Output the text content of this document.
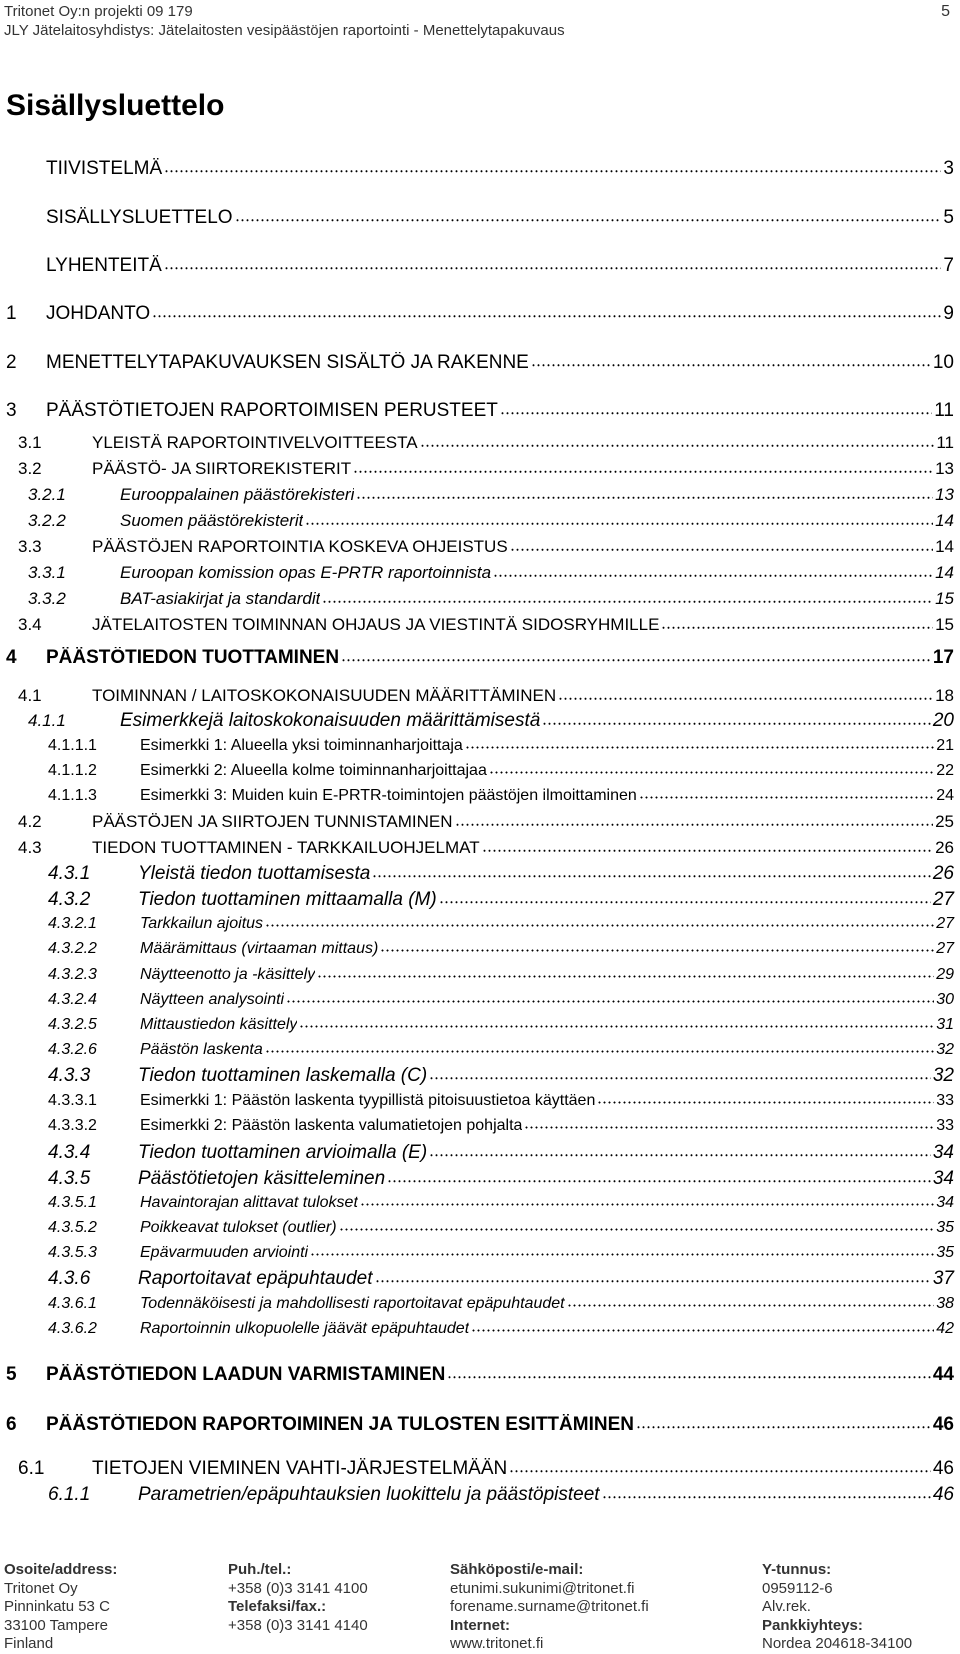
Tritonet Oy:n projekti 09 179
JLY Jätelaitosyhdistys: Jätelaitosten vesipäästöjen raportointi - Menettelytapakuvaus
5
Sisällysluettelo
TIIVISTELMÄ	3
SISÄLLYSLUETTELO	5
LYHENTEITÄ	7
1	JOHDANTO	9
2	MENETTELYTAPAKUVAUKSEN SISÄLTÖ JA RAKENNE	10
3	PÄÄSTÖTIETOJEN RAPORTOIMISEN PERUSTEET	11
3.1	YLEISTÄ RAPORTOINTIVELVOITTEESTA	11
3.2	PÄÄSTÖ- JA SIIRTOREKISTERIT	13
3.2.1	Eurooppalainen päästörekisteri	13
3.2.2	Suomen päästörekisterit	14
3.3	PÄÄSTÖJEN RAPORTOINTIA KOSKEVA OHJEISTUS	14
3.3.1	Euroopan komission opas E-PRTR raportoinnista	14
3.3.2	BAT-asiakirjat ja standardit	15
3.4	JÄTELAITOSTEN TOIMINNAN OHJAUS JA VIESTINTÄ SIDOSRYHMILLE	15
4	PÄÄSTÖTIEDON TUOTTAMINEN	17
4.1	TOIMINNAN / LAITOSKOKONAISUUDEN MÄÄRITTÄMINEN	18
4.1.1	Esimerkkejä laitoskokonaisuuden määrittämisestä	20
4.1.1.1	Esimerkki 1: Alueella yksi toiminnanharjoittaja	21
4.1.1.2	Esimerkki 2: Alueella kolme toiminnanharjoittajaa	22
4.1.1.3	Esimerkki 3: Muiden kuin E-PRTR-toimintojen päästöjen ilmoittaminen	24
4.2	PÄÄSTÖJEN JA SIIRTOJEN TUNNISTAMINEN	25
4.3	TIEDON TUOTTAMINEN - TARKKAILUOHJELMAT	26
4.3.1	Yleistä tiedon tuottamisesta	26
4.3.2	Tiedon tuottaminen mittaamalla (M)	27
4.3.2.1	Tarkkailun ajoitus	27
4.3.2.2	Määrämittaus (virtaaman mittaus)	27
4.3.2.3	Näytteenotto ja -käsittely	29
4.3.2.4	Näytteen analysointi	30
4.3.2.5	Mittaustiedon käsittely	31
4.3.2.6	Päästön laskenta	32
4.3.3	Tiedon tuottaminen laskemalla (C)	32
4.3.3.1	Esimerkki 1: Päästön laskenta tyypillistä pitoisuustietoa käyttäen	33
4.3.3.2	Esimerkki 2: Päästön laskenta valumatietojen pohjalta	33
4.3.4	Tiedon tuottaminen arvioimalla (E)	34
4.3.5	Päästötietojen käsitteleminen	34
4.3.5.1	Havaintorajan alittavat tulokset	34
4.3.5.2	Poikkeavat tulokset (outlier)	35
4.3.5.3	Epävarmuuden arviointi	35
4.3.6	Raportoitavat epäpuhtaudet	37
4.3.6.1	Todennäköisesti ja mahdollisesti raportoitavat epäpuhtaudet	38
4.3.6.2	Raportoinnin ulkopuolelle jäävät epäpuhtaudet	42
5	PÄÄSTÖTIEDON LAADUN VARMISTAMINEN	44
6	PÄÄSTÖTIEDON RAPORTOIMINEN JA TULOSTEN ESITTÄMINEN	46
6.1	TIETOJEN VIEMINEN VAHTI-JÄRJESTELMÄÄN	46
6.1.1	Parametrien/epäpuhtauksien luokittelu ja päästöpisteet	46
Osoite/address:
Tritonet Oy
Pinninkatu 53 C
33100 Tampere
Finland
Puh./tel.:
+358 (0)3 3141 4100
Telefaksi/fax.:
+358 (0)3 3141 4140
Sähköposti/e-mail:
etunimi.sukunimi@tritonet.fi
forename.surname@tritonet.fi
Internet:
www.tritonet.fi
Y-tunnus:
0959112-6
Alv.rek.
Pankkiyhteys:
Nordea 204618-34100
